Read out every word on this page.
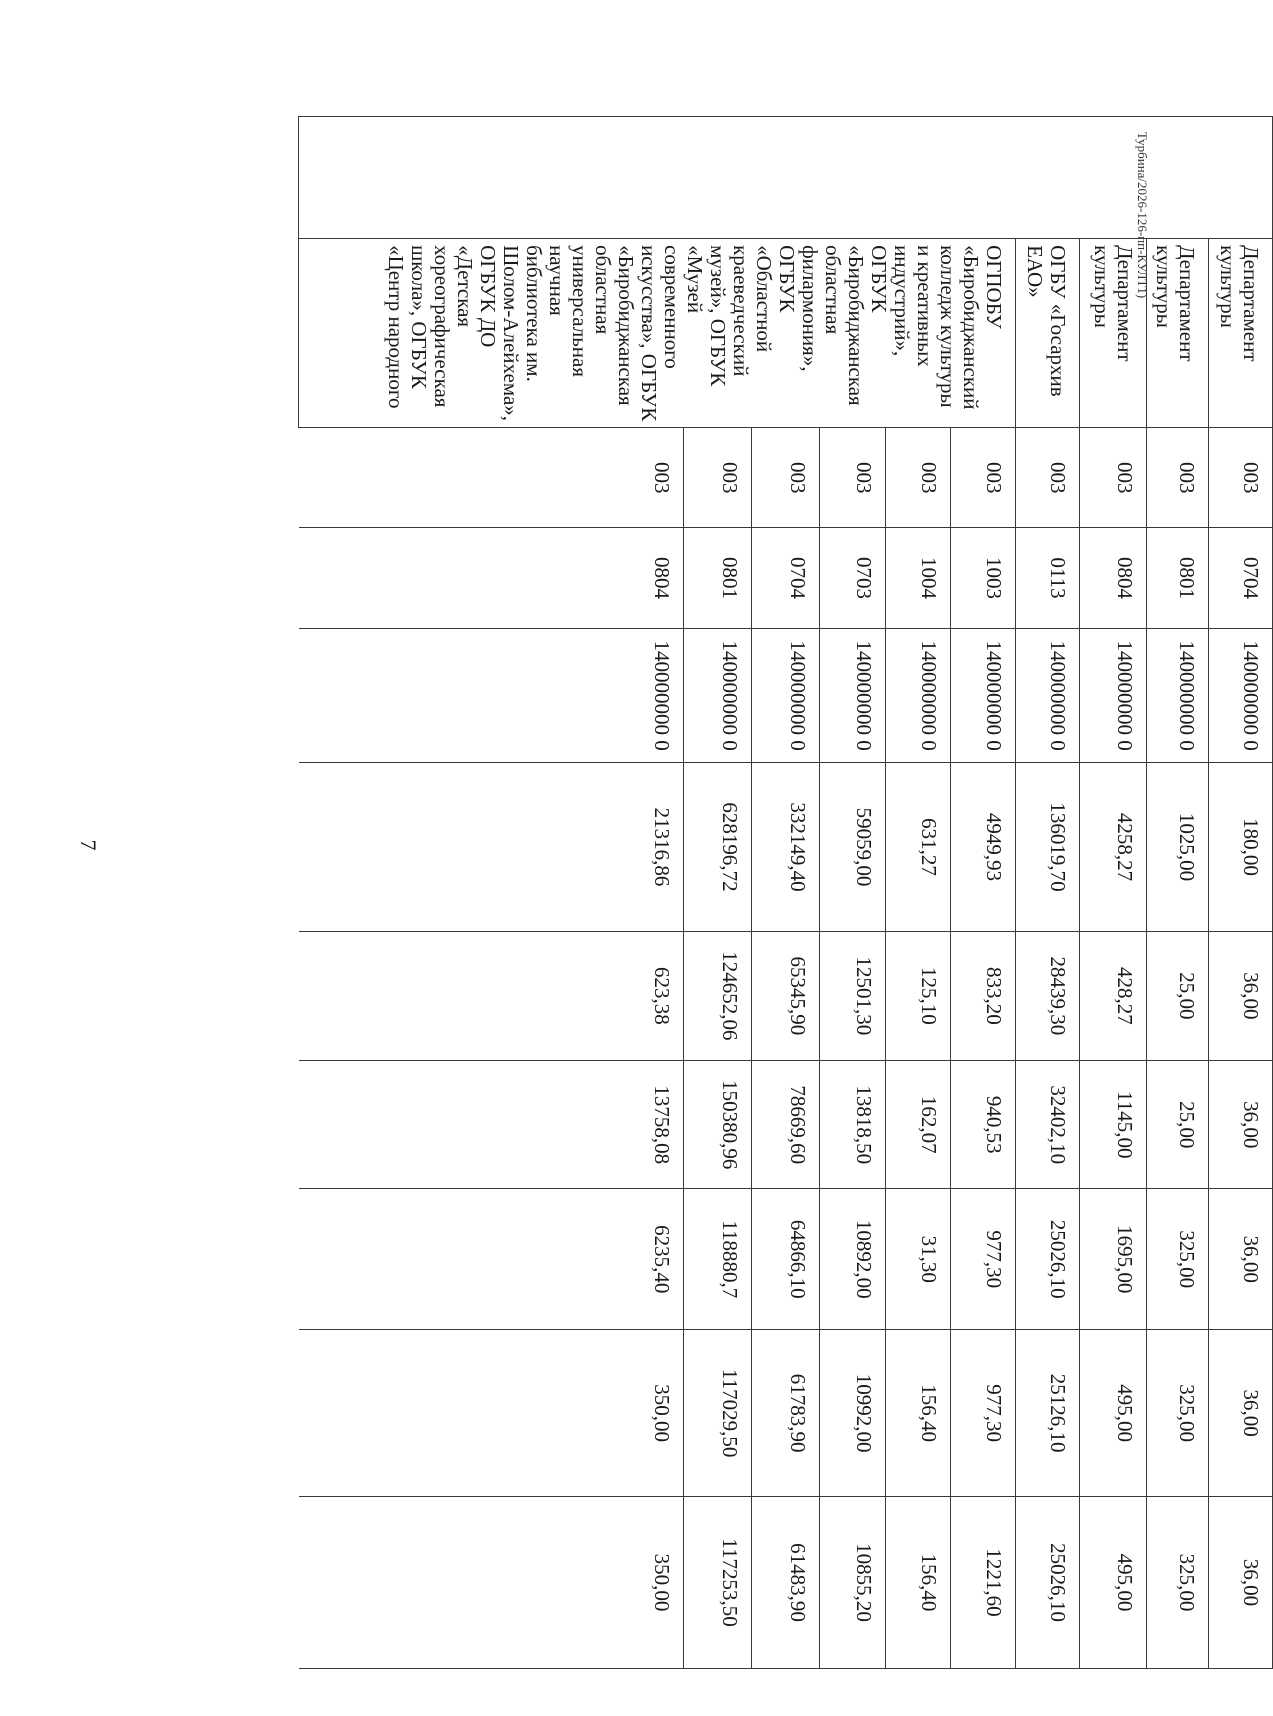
7
Турбина/2026-126-пп-КУЛТ1)
	Департамент культуры	003	0704	140000000 0	180,00	36,00	36,00	36,00	36,00	36,00
	Департамент культуры	003	0801	140000000 0	1025,00	25,00	25,00	325,00	325,00	325,00
	Департамент культуры	003	0804	140000000 0	4258,27	428,27	1145,00	1695,00	495,00	495,00
	ОГБУ «Госархив ЕАО»	003	0113	140000000 0	136019,70	28439,30	32402,10	25026,10	25126,10	25026,10
	ОГПОБУ «Биробиджанский колледж культуры и креативных индустрий», ОГБУК «Биробиджанская областная филармония», ОГБУК «Областной краеведческий музей», ОГБУК «Музей современного искусства», ОГБУК «Биробиджанская областная универсальная научная библиотека им. Шолом-Алейхема», ОГБУК ДО «Детская хореографическая школа», ОГБУК «Центр народного	003	1003	140000000 0	4949,93	833,20	940,53	977,30	977,30	1221,60
		003	1004	140000000 0	631,27	125,10	162,07	31,30	156,40	156,40
		003	0703	140000000 0	59059,00	12501,30	13818,50	10892,00	10992,00	10855,20
		003	0704	140000000 0	332149,40	65345,90	78669,60	64866,10	61783,90	61483,90
		003	0801	140000000 0	628196,72	124652,06	150380,96	118880,7	117029,50	117253,50
		003	0804	140000000 0	21316,86	623,38	13758,08	6235,40	350,00	350,00
